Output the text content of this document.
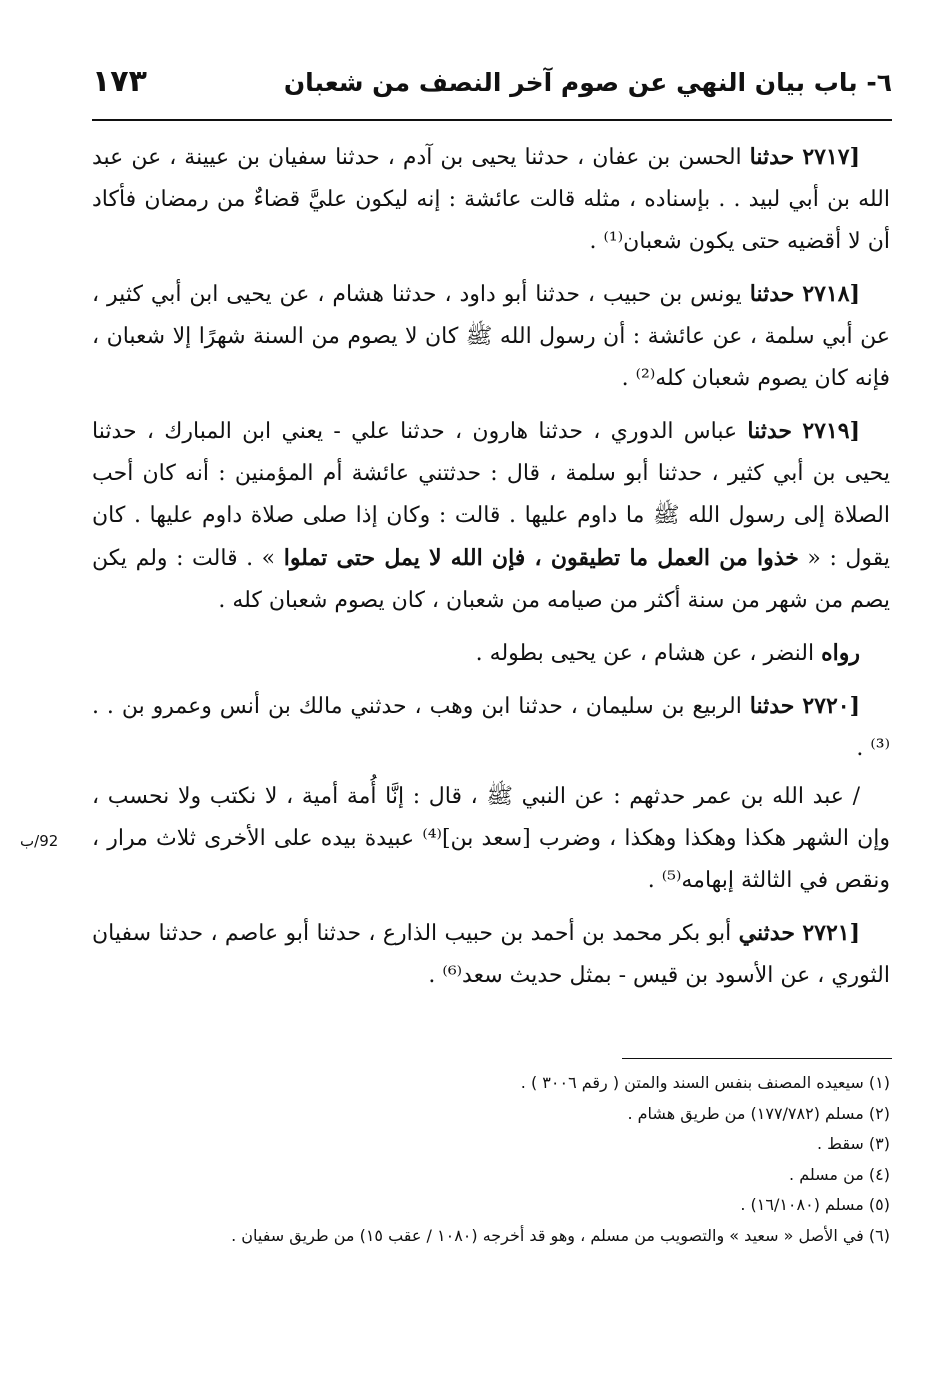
٦- باب بيان النهي عن صوم آخر النصف من شعبان
١٧٣

[٢٧١٧ حدثنا الحسن بن عفان ، حدثنا يحيى بن آدم ، حدثنا سفيان بن عيينة ، عن عبد الله بن أبي لبيد . . بإسناده ، مثله قالت عائشة : إنه ليكون عليَّ قضاءٌ من رمضان فأكاد أن لا أقضيه حتى يكون شعبان⁽¹⁾ .

[٢٧١٨ حدثنا يونس بن حبيب ، حدثنا أبو داود ، حدثنا هشام ، عن يحيى ابن أبي كثير ، عن أبي سلمة ، عن عائشة : أن رسول الله ﷺ كان لا يصوم من السنة شهرًا إلا شعبان ، فإنه كان يصوم شعبان كله⁽²⁾ .

[٢٧١٩ حدثنا عباس الدوري ، حدثنا هارون ، حدثنا علي - يعني ابن المبارك ، حدثنا يحيى بن أبي كثير ، حدثنا أبو سلمة ، قال : حدثتني عائشة أم المؤمنين : أنه كان أحب الصلاة إلى رسول الله ﷺ ما داوم عليها . قالت : وكان إذا صلى صلاة داوم عليها . كان يقول : « خذوا من العمل ما تطيقون ، فإن الله لا يمل حتى تملوا » . قالت : ولم يكن يصم من شهر من سنة أكثر من صيامه من شعبان ، كان يصوم شعبان كله .

رواه النضر ، عن هشام ، عن يحيى بطوله .

[٢٧٢٠ حدثنا الربيع بن سليمان ، حدثنا ابن وهب ، حدثني مالك بن أنس وعمرو بن . . ⁽³⁾ .

/ عبد الله بن عمر حدثهم : عن النبي ﷺ ، قال : إنَّا أُمة أمية ، لا نكتب ولا نحسب ، وإن الشهر هكذا وهكذا وهكذا ، وضرب [سعد بن]⁽⁴⁾ عبيدة بيده على الأخرى ثلاث مرار ، ونقص في الثالثة إبهامه⁽⁵⁾ .

[٢٧٢١ حدثني أبو بكر محمد بن أحمد بن حبيب الذارع ، حدثنا أبو عاصم ، حدثنا سفيان الثوري ، عن الأسود بن قيس - بمثل حديث سعد⁽⁶⁾ .

92/ب

(١) سيعيده المصنف بنفس السند والمتن ( رقم ٣٠٠٦ ) .

(٢) مسلم (١٧٧/٧٨٢) من طريق هشام .

(٣) سقط .

(٤) من مسلم .

(٥) مسلم (١٦/١٠٨٠) .

(٦) في الأصل « سعيد » والتصويب من مسلم ، وهو قد أخرجه (١٠٨٠ / عقب ١٥) من طريق سفيان .
